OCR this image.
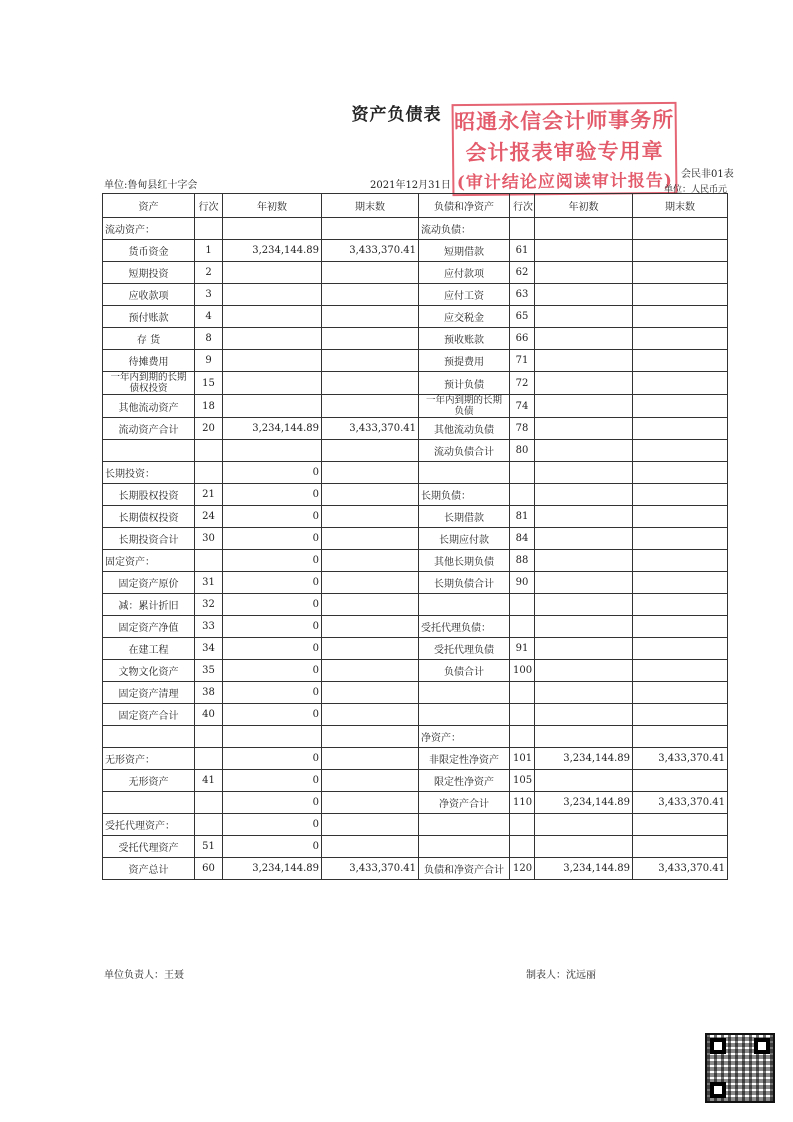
资产负债表 昭通永信会计师事务所
会计报表审验专用章
(审计结论应阅读审计报告)
单位:鲁甸县红十字会	2021年12月31日
会民非01表
单位：人民币元
资产	行次	年初数	期末数	负债和净资产	行次	年初数	期末数
流动资产：				流动负债：			
货币资金	1	3,234,144.89	3,433,370.41	短期借款	61		
短期投资	2			应付款项	62		
应收款项	3			应付工资	63		
预付账款	4			应交税金	65		
存 货	8			预收账款	66		
待摊费用	9			预提费用	71		
一年内到期的长期债权投资	15			预计负债	72		
其他流动资产	18			一年内到期的长期负债	74		
流动资产合计	20	3,234,144.89	3,433,370.41	其他流动负债	78		
				流动负债合计	80		
长期投资：		0					
长期股权投资	21	0		长期负债：			
长期债权投资	24	0		长期借款	81		
长期投资合计	30	0		长期应付款	84		
固定资产：		0		其他长期负债	88		
固定资产原价	31	0		长期负债合计	90		
减：累计折旧	32	0					
固定资产净值	33	0		受托代理负债：			
在建工程	34	0		受托代理负债	91		
文物文化资产	35	0		负债合计	100		
固定资产清理	38	0					
固定资产合计	40	0					
				净资产：			
无形资产：		0		非限定性净资产	101	3,234,144.89	3,433,370.41
无形资产	41	0		限定性净资产	105		
		0		净资产合计	110	3,234,144.89	3,433,370.41
受托代理资产：		0					
受托代理资产	51	0					
资产总计	60	3,234,144.89	3,433,370.41	负债和净资产合计	120	3,234,144.89	3,433,370.41
单位负责人：王聂	制表人：沈远丽
